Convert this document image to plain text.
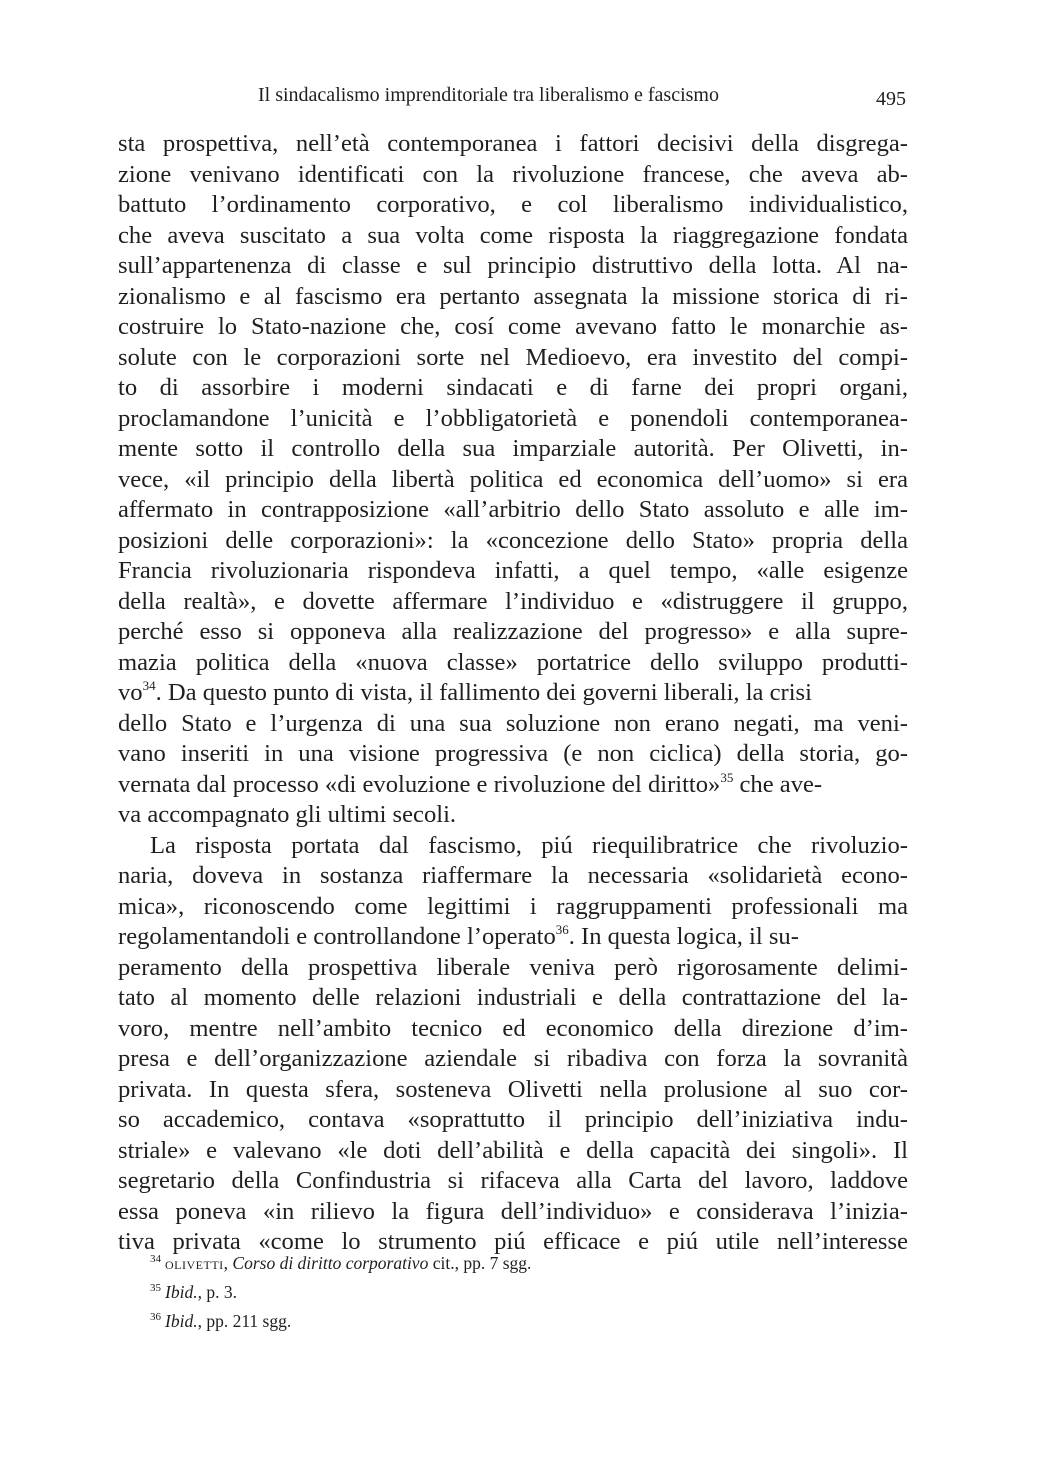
Il sindacalismo imprenditoriale tra liberalismo e fascismo	495
sta prospettiva, nell’età contemporanea i fattori decisivi della disgrega-
zione venivano identificati con la rivoluzione francese, che aveva ab-
battuto l’ordinamento corporativo, e col liberalismo individualistico,
che aveva suscitato a sua volta come risposta la riaggregazione fondata
sull’appartenenza di classe e sul principio distruttivo della lotta. Al na-
zionalismo e al fascismo era pertanto assegnata la missione storica di ri-
costruire lo Stato-nazione che, cosí come avevano fatto le monarchie as-
solute con le corporazioni sorte nel Medioevo, era investito del compi-
to di assorbire i moderni sindacati e di farne dei propri organi,
proclamandone l’unicità e l’obbligatorietà e ponendoli contemporanea-
mente sotto il controllo della sua imparziale autorità. Per Olivetti, in-
vece, «il principio della libertà politica ed economica dell’uomo» si era
affermato in contrapposizione «all’arbitrio dello Stato assoluto e alle im-
posizioni delle corporazioni»: la «concezione dello Stato» propria della
Francia rivoluzionaria rispondeva infatti, a quel tempo, «alle esigenze
della realtà», e dovette affermare l’individuo e «distruggere il gruppo,
perché esso si opponeva alla realizzazione del progresso» e alla supre-
mazia politica della «nuova classe» portatrice dello sviluppo produtti-
$vo^{34}$. Da questo punto di vista, il fallimento dei governi liberali, la crisi
dello Stato e l’urgenza di una sua soluzione non erano negati, ma veni-
vano inseriti in una visione progressiva (e non ciclica) della storia, go-
vernata dal processo «di evoluzione e rivoluzione del diritto»$^{35}$ che ave-
va accompagnato gli ultimi secoli.
La risposta portata dal fascismo, piú riequilibratrice che rivoluzio-
naria, doveva in sostanza riaffermare la necessaria «solidarietà econo-
mica», riconoscendo come legittimi i raggruppamenti professionali ma
regolamentandoli e controllandone l’operato$^{36}$. In questa logica, il su-
peramento della prospettiva liberale veniva però rigorosamente delimi-
tato al momento delle relazioni industriali e della contrattazione del la-
voro, mentre nell’ambito tecnico ed economico della direzione d’im-
presa e dell’organizzazione aziendale si ribadiva con forza la sovranità
privata. In questa sfera, sosteneva Olivetti nella prolusione al suo cor-
so accademico, contava «soprattutto il principio dell’iniziativa indu-
striale» e valevano «le doti dell’abilità e della capacità dei singoli». Il
segretario della Confindustria si rifaceva alla Carta del lavoro, laddove
essa poneva «in rilievo la figura dell’individuo» e considerava l’inizia-
tiva privata «come lo strumento piú efficace e piú utile nell’interesse
$^{34}$ olivetti, Corso di diritto corporativo cit., pp. 7 sgg.
$^{35}$ Ibid., p. 3.
$^{36}$ Ibid., pp. 211 sgg.
